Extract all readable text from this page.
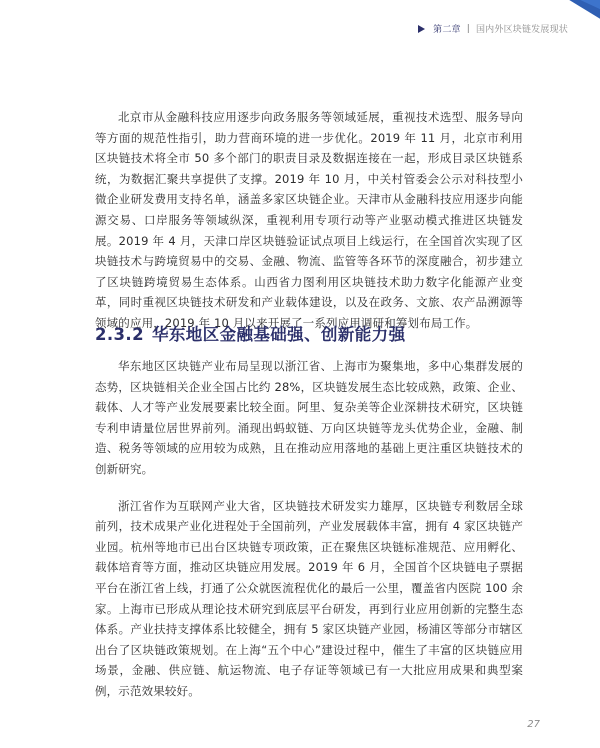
第二章 | 国内外区块链发展现状

北京市从金融科技应用逐步向政务服务等领域延展，重视技术选型、服务导向等方面的规范性指引，助力营商环境的进一步优化。2019 年 11 月，北京市利用区块链技术将全市 50 多个部门的职责目录及数据连接在一起，形成目录区块链系统，为数据汇聚共享提供了支撑。2019 年 10 月，中关村管委会公示对科技型小微企业研发费用支持名单，涵盖多家区块链企业。天津市从金融科技应用逐步向能源交易、口岸服务等领域纵深，重视利用专项行动等产业驱动模式推进区块链发展。2019 年 4 月，天津口岸区块链验证试点项目上线运行，在全国首次实现了区块链技术与跨境贸易中的交易、金融、物流、监管等各环节的深度融合，初步建立了区块链跨境贸易生态体系。山西省力图利用区块链技术助力数字化能源产业变革，同时重视区块链技术研发和产业载体建设，以及在政务、文旅、农产品溯源等领域的应用，2019 年 10 月以来开展了一系列应用调研和筹划布局工作。

2.3.2 华东地区金融基础强、创新能力强

华东地区区块链产业布局呈现以浙江省、上海市为聚集地，多中心集群发展的态势，区块链相关企业全国占比约 28%，区块链发展生态比较成熟，政策、企业、载体、人才等产业发展要素比较全面。阿里、复杂美等企业深耕技术研究，区块链专利申请量位居世界前列。涌现出蚂蚁链、万向区块链等龙头优势企业，金融、制造、税务等领域的应用较为成熟，且在推动应用落地的基础上更注重区块链技术的创新研究。

浙江省作为互联网产业大省，区块链技术研发实力雄厚，区块链专利数居全球前列，技术成果产业化进程处于全国前列，产业发展载体丰富，拥有 4 家区块链产业园。杭州等地市已出台区块链专项政策，正在聚焦区块链标准规范、应用孵化、载体培育等方面，推动区块链应用发展。2019 年 6 月，全国首个区块链电子票据平台在浙江省上线，打通了公众就医流程优化的最后一公里，覆盖省内医院 100 余家。上海市已形成从理论技术研究到底层平台研发，再到行业应用创新的完整生态体系。产业扶持支撑体系比较健全，拥有 5 家区块链产业园，杨浦区等部分市辖区出台了区块链政策规划。在上海“五个中心”建设过程中，催生了丰富的区块链应用场景，金融、供应链、航运物流、电子存证等领域已有一大批应用成果和典型案例，示范效果较好。

27
